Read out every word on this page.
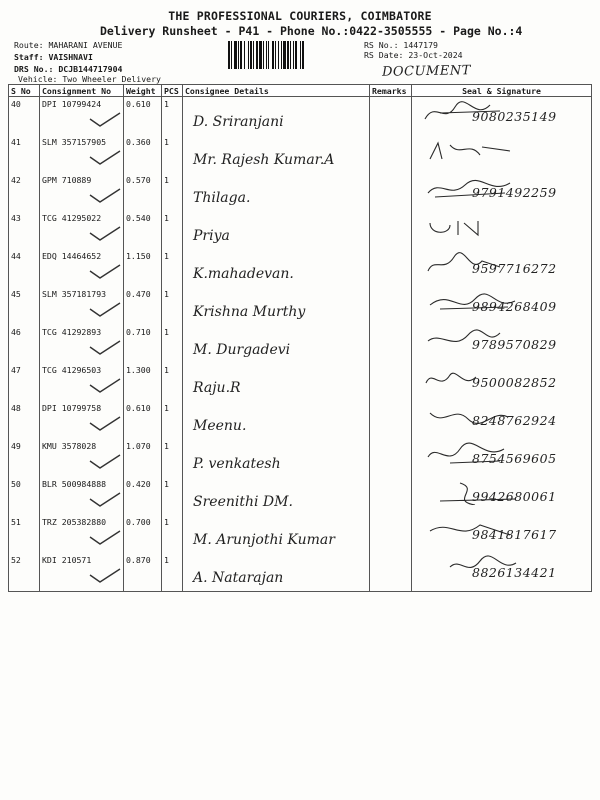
THE PROFESSIONAL COURIERS, COIMBATORE
Delivery Runsheet - P41 - Phone No.:0422-3505555 - Page No.:4
Route: MAHARANI AVENUE
Staff: VAISHNAVI
DRS No.: DCJB144717904
Vehicle: Two Wheeler Delivery
RS No.: 1447179
RS Date: 23-Oct-2024
DOCUMENT
S No	Consignment No	Weight	PCS	Consignee Details	Remarks	Seal & Signature
40	DPI 10799424	0.610	1	D. Sriranjani		9080235149

41	SLM 357157905	0.360	1	Mr. Rajesh Kumar.A

42	GPM 710889	0.570	1	Thilaga.		9791492259

43	TCG 41295022	0.540	1	Priya

44	EDQ 14464652	1.150	1	K.mahadevan.		9597716272

45	SLM 357181793	0.470	1	Krishna Murthy		9894268409

46	TCG 41292893	0.710	1	M. Durgadevi		9789570829

47	TCG 41296503	1.300	1	Raju.R		9500082852

48	DPI 10799758	0.610	1	Meenu.		8248762924

49	KMU 3578028	1.070	1	P. venkatesh		8754569605

50	BLR 500984888	0.420	1	Sreenithi DM.		9942680061

51	TRZ 205382880	0.700	1	M. Arunjothi Kumar		9841817617

52	KDI 210571	0.870	1	A. Natarajan		8826134421
